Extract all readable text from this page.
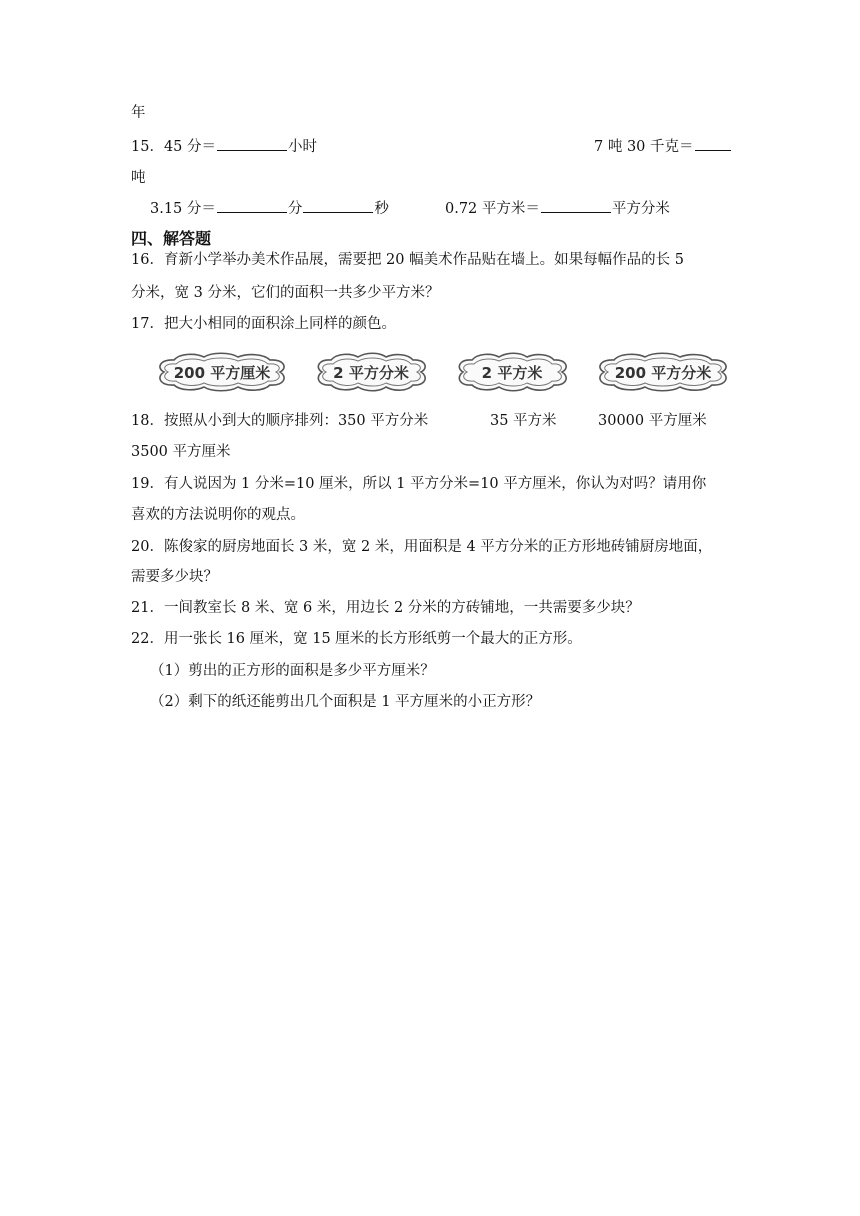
年
15．45 分＝	小时	7 吨 30 千克＝
吨
3.15 分＝	分	秒	0.72 平方米＝	平方分米
四、解答题
16．育新小学举办美术作品展，需要把 20 幅美术作品贴在墙上。如果每幅作品的长 5
分米，宽 3 分米，它们的面积一共多少平方米？
17．把大小相同的面积涂上同样的颜色。
200 平方厘米	2 平方分米	2 平方米	200 平方分米
18．按照从小到大的顺序排列：350 平方分米	35 平方米	30000 平方厘米
3500 平方厘米
19．有人说因为 1 分米=10 厘米，所以 1 平方分米=10 平方厘米，你认为对吗？请用你
喜欢的方法说明你的观点。
20．陈俊家的厨房地面长 3 米，宽 2 米，用面积是 4 平方分米的正方形地砖铺厨房地面，
需要多少块？
21．一间教室长 8 米、宽 6 米，用边长 2 分米的方砖铺地，一共需要多少块？
22．用一张长 16 厘米，宽 15 厘米的长方形纸剪一个最大的正方形。
（1）剪出的正方形的面积是多少平方厘米？
（2）剩下的纸还能剪出几个面积是 1 平方厘米的小正方形？
